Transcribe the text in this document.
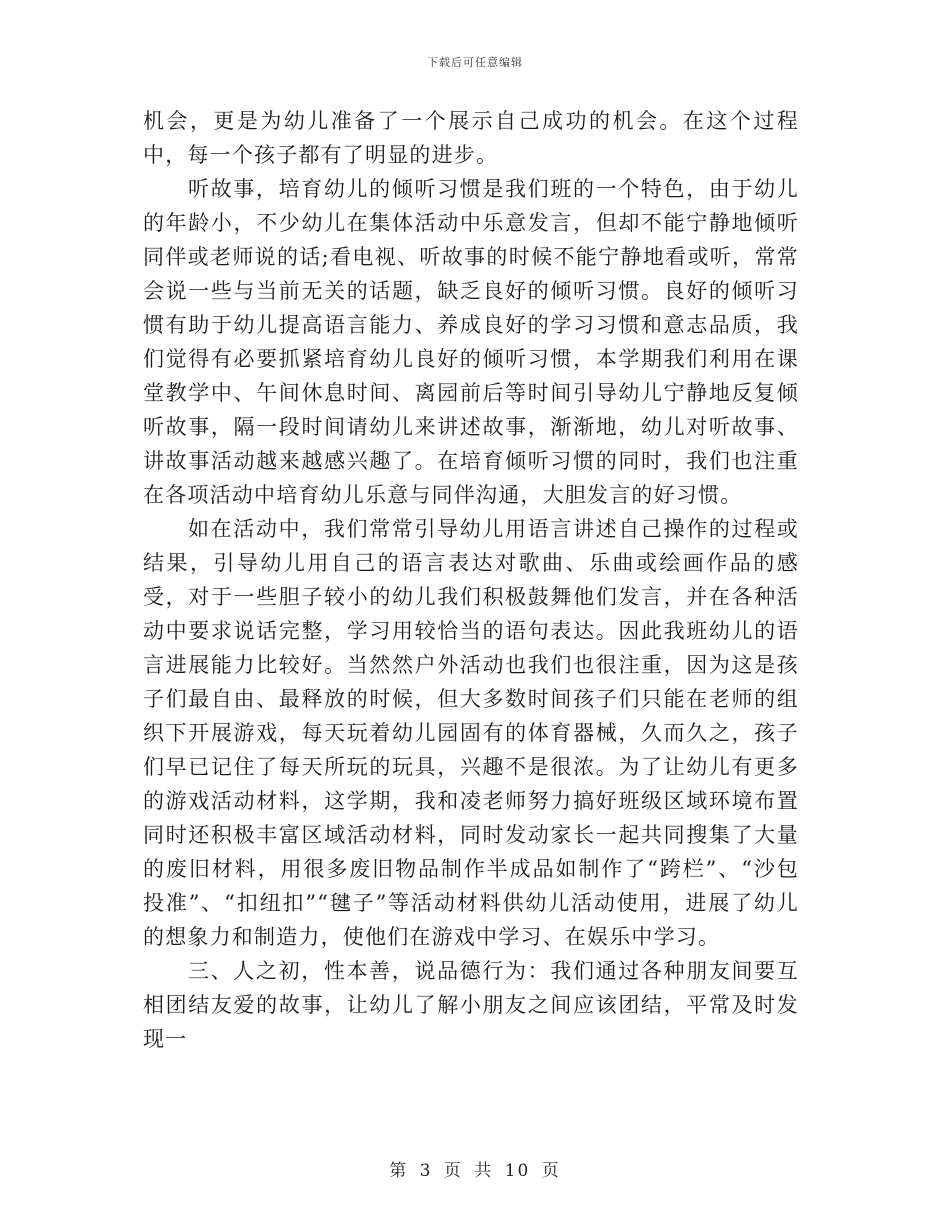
下载后可任意编辑

机会，更是为幼儿准备了一个展示自己成功的机会。在这个过程中，每一个孩子都有了明显的进步。

听故事，培育幼儿的倾听习惯是我们班的一个特色，由于幼儿的年龄小，不少幼儿在集体活动中乐意发言，但却不能宁静地倾听同伴或老师说的话;看电视、听故事的时候不能宁静地看或听，常常会说一些与当前无关的话题，缺乏良好的倾听习惯。良好的倾听习惯有助于幼儿提高语言能力、养成良好的学习习惯和意志品质，我们觉得有必要抓紧培育幼儿良好的倾听习惯，本学期我们利用在课堂教学中、午间休息时间、离园前后等时间引导幼儿宁静地反复倾听故事，隔一段时间请幼儿来讲述故事，渐渐地，幼儿对听故事、讲故事活动越来越感兴趣了。在培育倾听习惯的同时，我们也注重在各项活动中培育幼儿乐意与同伴沟通，大胆发言的好习惯。

如在活动中，我们常常引导幼儿用语言讲述自己操作的过程或结果，引导幼儿用自己的语言表达对歌曲、乐曲或绘画作品的感受，对于一些胆子较小的幼儿我们积极鼓舞他们发言，并在各种活动中要求说话完整，学习用较恰当的语句表达。因此我班幼儿的语言进展能力比较好。当然然户外活动也我们也很注重，因为这是孩子们最自由、最释放的时候，但大多数时间孩子们只能在老师的组织下开展游戏，每天玩着幼儿园固有的体育器械，久而久之，孩子们早已记住了每天所玩的玩具，兴趣不是很浓。为了让幼儿有更多的游戏活动材料，这学期，我和凌老师努力搞好班级区域环境布置同时还积极丰富区域活动材料，同时发动家长一起共同搜集了大量的废旧材料，用很多废旧物品制作半成品如制作了“跨栏”、“沙包投准”、“扣纽扣”“毽子”等活动材料供幼儿活动使用，进展了幼儿的想象力和制造力，使他们在游戏中学习、在娱乐中学习。

三、人之初，性本善，说品德行为：我们通过各种朋友间要互相团结友爱的故事，让幼儿了解小朋友之间应该团结，平常及时发现一

第 3 页 共 10 页
